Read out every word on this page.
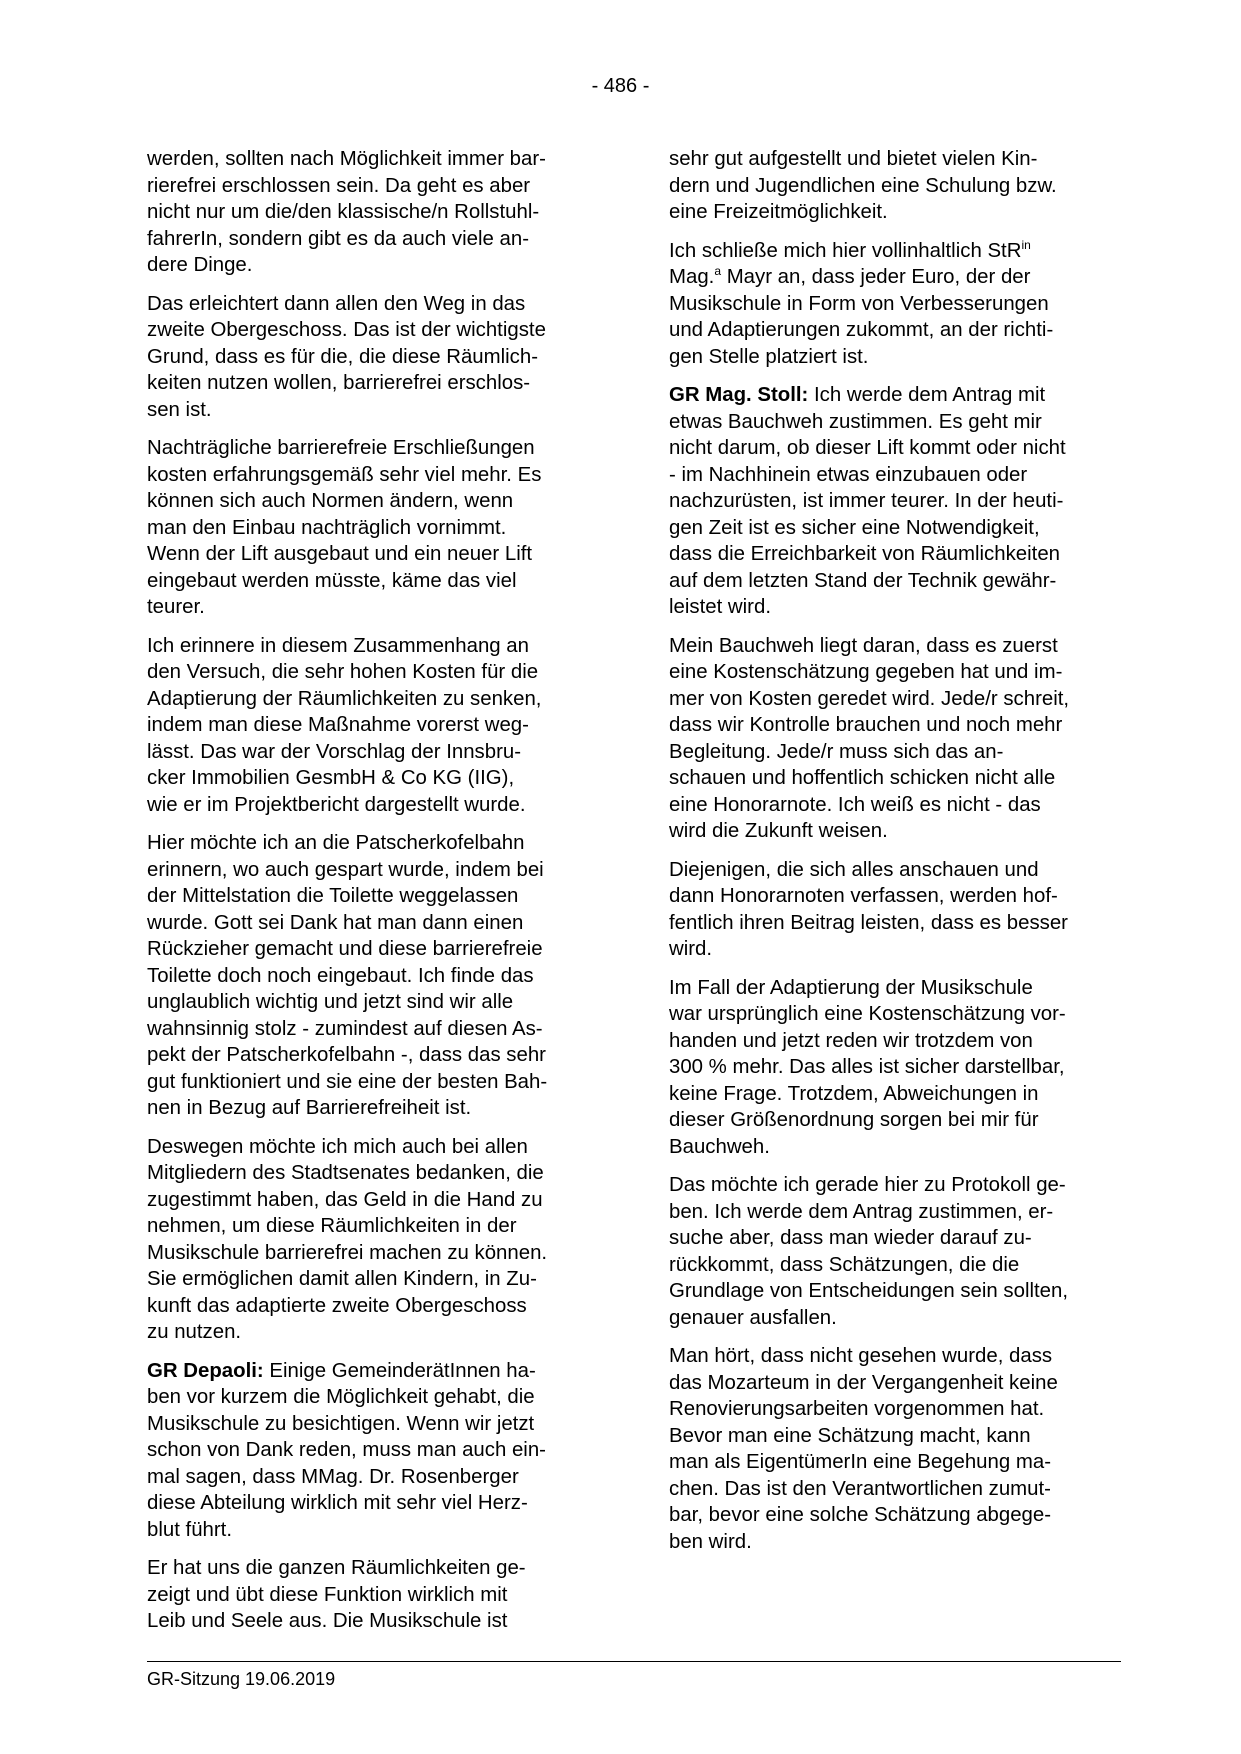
- 486 -

werden, sollten nach Möglichkeit immer bar-
rierefrei erschlossen sein. Da geht es aber
nicht nur um die/den klassische/n Rollstuhl-
fahrerIn, sondern gibt es da auch viele an-
dere Dinge.

Das erleichtert dann allen den Weg in das
zweite Obergeschoss. Das ist der wichtigste
Grund, dass es für die, die diese Räumlich-
keiten nutzen wollen, barrierefrei erschlos-
sen ist.

Nachträgliche barrierefreie Erschließungen
kosten erfahrungsgemäß sehr viel mehr. Es
können sich auch Normen ändern, wenn
man den Einbau nachträglich vornimmt.
Wenn der Lift ausgebaut und ein neuer Lift
eingebaut werden müsste, käme das viel
teurer.

Ich erinnere in diesem Zusammenhang an
den Versuch, die sehr hohen Kosten für die
Adaptierung der Räumlichkeiten zu senken,
indem man diese Maßnahme vorerst weg-
lässt. Das war der Vorschlag der Innsbru-
cker Immobilien GesmbH & Co KG (IIG),
wie er im Projektbericht dargestellt wurde.

Hier möchte ich an die Patscherkofelbahn
erinnern, wo auch gespart wurde, indem bei
der Mittelstation die Toilette weggelassen
wurde. Gott sei Dank hat man dann einen
Rückzieher gemacht und diese barrierefreie
Toilette doch noch eingebaut. Ich finde das
unglaublich wichtig und jetzt sind wir alle
wahnsinnig stolz - zumindest auf diesen As-
pekt der Patscherkofelbahn -, dass das sehr
gut funktioniert und sie eine der besten Bah-
nen in Bezug auf Barrierefreiheit ist.

Deswegen möchte ich mich auch bei allen
Mitgliedern des Stadtsenates bedanken, die
zugestimmt haben, das Geld in die Hand zu
nehmen, um diese Räumlichkeiten in der
Musikschule barrierefrei machen zu können.
Sie ermöglichen damit allen Kindern, in Zu-
kunft das adaptierte zweite Obergeschoss
zu nutzen.

GR Depaoli: Einige GemeinderätInnen ha-
ben vor kurzem die Möglichkeit gehabt, die
Musikschule zu besichtigen. Wenn wir jetzt
schon von Dank reden, muss man auch ein-
mal sagen, dass MMag. Dr. Rosenberger
diese Abteilung wirklich mit sehr viel Herz-
blut führt.

Er hat uns die ganzen Räumlichkeiten ge-
zeigt und übt diese Funktion wirklich mit
Leib und Seele aus. Die Musikschule ist

sehr gut aufgestellt und bietet vielen Kin-
dern und Jugendlichen eine Schulung bzw.
eine Freizeitmöglichkeit.

Ich schließe mich hier vollinhaltlich StR$^{in}$
Mag.$^a$ Mayr an, dass jeder Euro, der der
Musikschule in Form von Verbesserungen
und Adaptierungen zukommt, an der richti-
gen Stelle platziert ist.

GR Mag. Stoll: Ich werde dem Antrag mit
etwas Bauchweh zustimmen. Es geht mir
nicht darum, ob dieser Lift kommt oder nicht
- im Nachhinein etwas einzubauen oder
nachzurüsten, ist immer teurer. In der heuti-
gen Zeit ist es sicher eine Notwendigkeit,
dass die Erreichbarkeit von Räumlichkeiten
auf dem letzten Stand der Technik gewähr-
leistet wird.

Mein Bauchweh liegt daran, dass es zuerst
eine Kostenschätzung gegeben hat und im-
mer von Kosten geredet wird. Jede/r schreit,
dass wir Kontrolle brauchen und noch mehr
Begleitung. Jede/r muss sich das an-
schauen und hoffentlich schicken nicht alle
eine Honorarnote. Ich weiß es nicht - das
wird die Zukunft weisen.

Diejenigen, die sich alles anschauen und
dann Honorarnoten verfassen, werden hof-
fentlich ihren Beitrag leisten, dass es besser
wird.

Im Fall der Adaptierung der Musikschule
war ursprünglich eine Kostenschätzung vor-
handen und jetzt reden wir trotzdem von
300 % mehr. Das alles ist sicher darstellbar,
keine Frage. Trotzdem, Abweichungen in
dieser Größenordnung sorgen bei mir für
Bauchweh.

Das möchte ich gerade hier zu Protokoll ge-
ben. Ich werde dem Antrag zustimmen, er-
suche aber, dass man wieder darauf zu-
rückkommt, dass Schätzungen, die die
Grundlage von Entscheidungen sein sollten,
genauer ausfallen.

Man hört, dass nicht gesehen wurde, dass
das Mozarteum in der Vergangenheit keine
Renovierungsarbeiten vorgenommen hat.
Bevor man eine Schätzung macht, kann
man als EigentümerIn eine Begehung ma-
chen. Das ist den Verantwortlichen zumut-
bar, bevor eine solche Schätzung abgege-
ben wird.

GR-Sitzung 19.06.2019
